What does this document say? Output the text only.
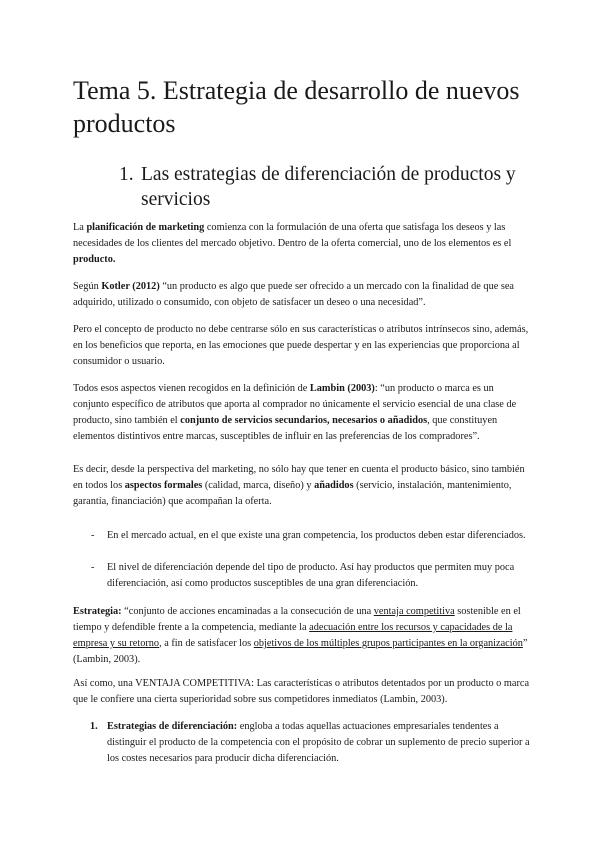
Tema 5. Estrategia de desarrollo de nuevos productos
1. Las estrategias de diferenciación de productos y servicios
La planificación de marketing comienza con la formulación de una oferta que satisfaga los deseos y las necesidades de los clientes del mercado objetivo. Dentro de la oferta comercial, uno de los elementos es el producto.
Según Kotler (2012) “un producto es algo que puede ser ofrecido a un mercado con la finalidad de que sea adquirido, utilizado o consumido, con objeto de satisfacer un deseo o una necesidad”.
Pero el concepto de producto no debe centrarse sólo en sus características o atributos intrínsecos sino, además, en los beneficios que reporta, en las emociones que puede despertar y en las experiencias que proporciona al consumidor o usuario.
Todos esos aspectos vienen recogidos en la definición de Lambin (2003): “un producto o marca es un conjunto específico de atributos que aporta al comprador no únicamente el servicio esencial de una clase de producto, sino también el conjunto de servicios secundarios, necesarios o añadidos, que constituyen elementos distintivos entre marcas, susceptibles de influir en las preferencias de los compradores”.
Es decir, desde la perspectiva del marketing, no sólo hay que tener en cuenta el producto básico, sino también en todos los aspectos formales (calidad, marca, diseño) y añadidos (servicio, instalación, mantenimiento, garantía, financiación) que acompañan la oferta.
- En el mercado actual, en el que existe una gran competencia, los productos deben estar diferenciados.
- El nivel de diferenciación depende del tipo de producto. Así hay productos que permiten muy poca diferenciación, así como productos susceptibles de una gran diferenciación.
Estrategia: “conjunto de acciones encaminadas a la consecución de una ventaja competitiva sostenible en el tiempo y defendible frente a la competencia, mediante la adecuación entre los recursos y capacidades de la empresa y su retorno, a fin de satisfacer los objetivos de los múltiples grupos participantes en la organización” (Lambin, 2003).
Así como, una VENTAJA COMPETITIVA: Las características o atributos detentados por un producto o marca que le confiere una cierta superioridad sobre sus competidores inmediatos (Lambin, 2003).
1. Estrategias de diferenciación: engloba a todas aquellas actuaciones empresariales tendentes a distinguir el producto de la competencia con el propósito de cobrar un suplemento de precio superior a los costes necesarios para producir dicha diferenciación.
